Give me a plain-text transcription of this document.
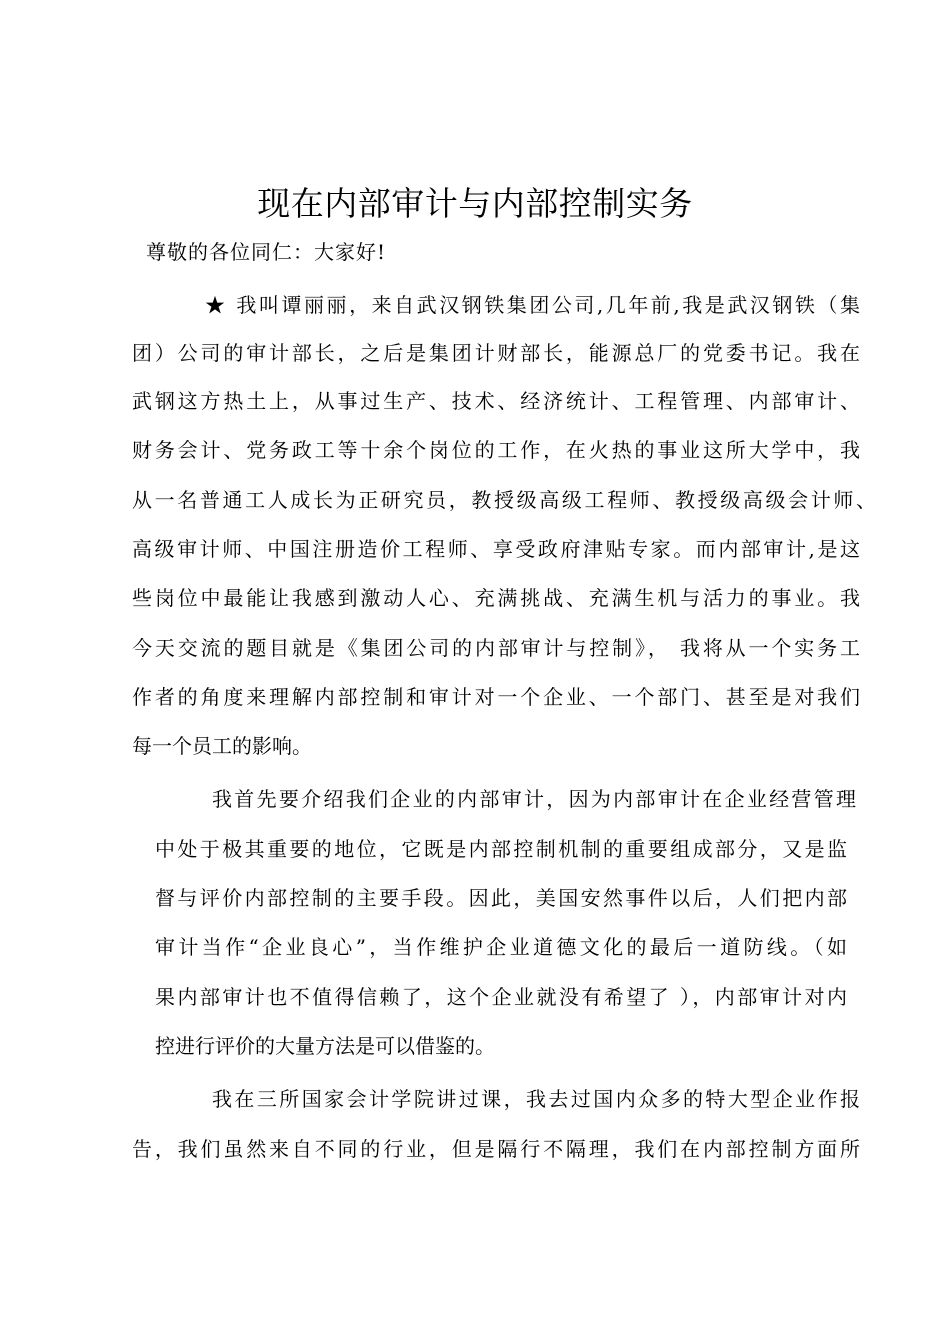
现在内部审计与内部控制实务
尊敬的各位同仁：大家好!

★ 我叫谭丽丽，来自武汉钢铁集团公司,几年前,我是武汉钢铁（集

团）公司的审计部长，之后是集团计财部长，能源总厂的党委书记。我在

武钢这方热土上，从事过生产、技术、经济统计、工程管理、内部审计、

财务会计、党务政工等十余个岗位的工作，在火热的事业这所大学中，我

从一名普通工人成长为正研究员，教授级高级工程师、教授级高级会计师、

高级审计师、中国注册造价工程师、享受政府津贴专家。而内部审计,是这

些岗位中最能让我感到激动人心、充满挑战、充满生机与活力的事业。我

今天交流的题目就是《集团公司的内部审计与控制》， 我将从一个实务工

作者的角度来理解内部控制和审计对一个企业、一个部门、甚至是对我们

每一个员工的影响。

我首先要介绍我们企业的内部审计，因为内部审计在企业经营管理

中处于极其重要的地位，它既是内部控制机制的重要组成部分，又是监

督与评价内部控制的主要手段。因此，美国安然事件以后，人们把内部

审计当作“企业良心”，当作维护企业道德文化的最后一道防线。（如

果内部审计也不值得信赖了，这个企业就没有希望了 ），内部审计对内

控进行评价的大量方法是可以借鉴的。

我在三所国家会计学院讲过课，我去过国内众多的特大型企业作报

告，我们虽然来自不同的行业，但是隔行不隔理，我们在内部控制方面所
